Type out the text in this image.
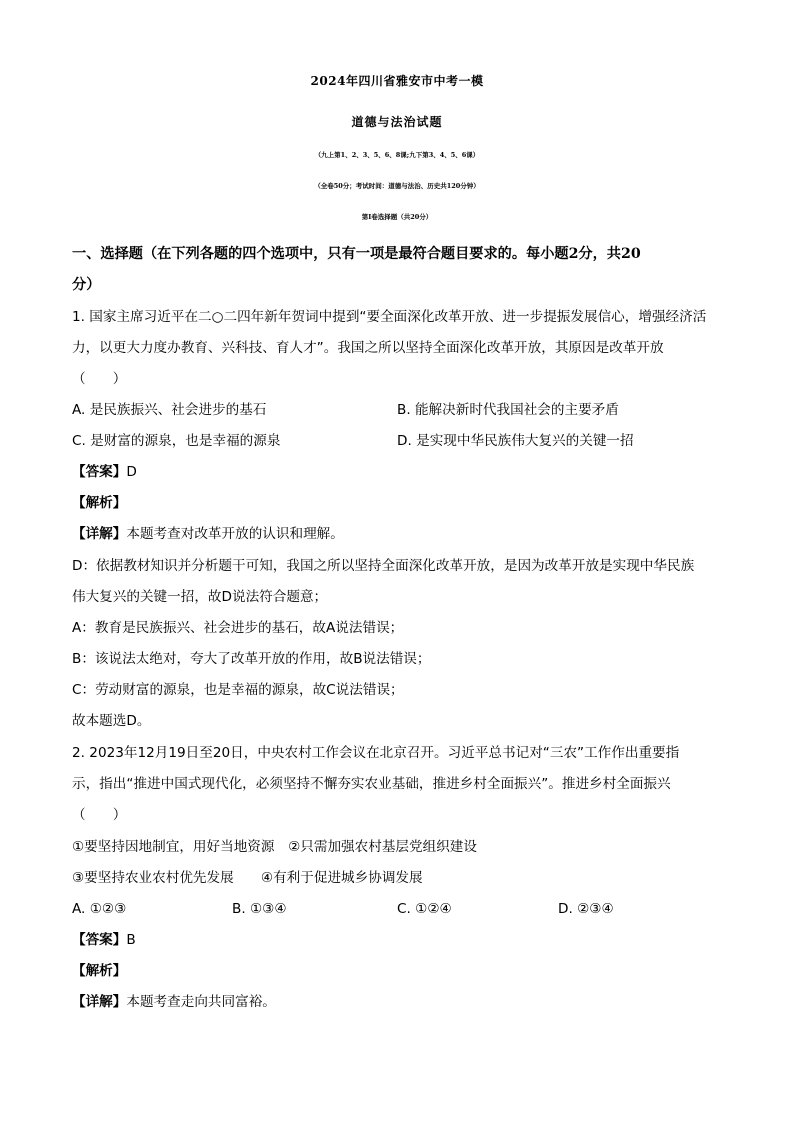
2024年四川省雅安市中考一模
道德与法治试题
（九上第1、2、3、5、6、8课;九下第3、4、5、6课）
（全卷50分；考试时间：道德与法治、历史共120分钟）
第Ⅰ卷选择题（共20分）
一、选择题（在下列各题的四个选项中，只有一项是最符合题目要求的。每小题2分，共20
分）
1. 国家主席习近平在二○二四年新年贺词中提到“要全面深化改革开放、进一步提振发展信心，增强经济活
力，以更大力度办教育、兴科技、育人才”。我国之所以坚持全面深化改革开放，其原因是改革开放
（　　）
A. 是民族振兴、社会进步的基石	B. 能解决新时代我国社会的主要矛盾
C. 是财富的源泉，也是幸福的源泉	D. 是实现中华民族伟大复兴的关键一招
【答案】D
【解析】
【详解】本题考查对改革开放的认识和理解。
D：依据教材知识并分析题干可知，我国之所以坚持全面深化改革开放，是因为改革开放是实现中华民族
伟大复兴的关键一招，故D说法符合题意；
A：教育是民族振兴、社会进步的基石，故A说法错误；
B：该说法太绝对，夸大了改革开放的作用，故B说法错误；
C：劳动财富的源泉，也是幸福的源泉，故C说法错误；
故本题选D。
2. 2023年12月19日至20日，中央农村工作会议在北京召开。习近平总书记对“三农”工作作出重要指
示，指出“推进中国式现代化，必须坚持不懈夯实农业基础，推进乡村全面振兴”。推进乡村全面振兴
（　　）
①要坚持因地制宜，用好当地资源　②只需加强农村基层党组织建设
③要坚持农业农村优先发展　　④有利于促进城乡协调发展
A. ①②③	B. ①③④	C. ①②④	D. ②③④
【答案】B
【解析】
【详解】本题考查走向共同富裕。
